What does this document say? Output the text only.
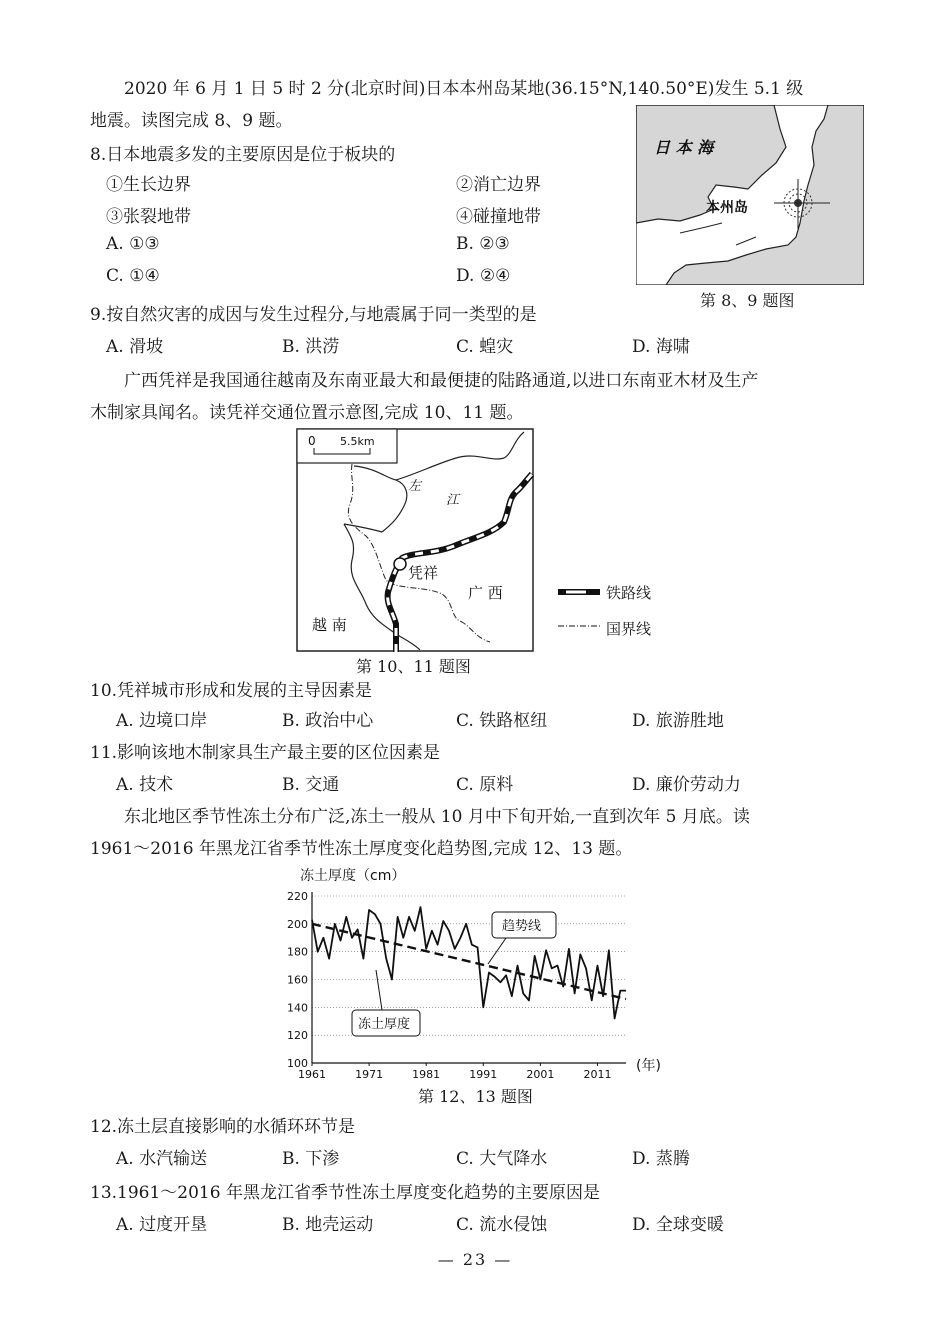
2020 年 6 月 1 日 5 时 2 分(北京时间)日本本州岛某地(36.15°N,140.50°E)发生 5.1 级
地震。读图完成 8、9 题。
8.日本地震多发的主要原因是位于板块的
①生长边界	②消亡边界
③张裂地带	④碰撞地带
A. ①③	B. ②③
C. ①④	D. ②④
日 本 海
本州岛
第 8、9 题图
9.按自然灾害的成因与发生过程分,与地震属于同一类型的是
A. 滑坡	B. 洪涝	C. 蝗灾	D. 海啸
广西凭祥是我国通往越南及东南亚最大和最便捷的陆路通道,以进口东南亚木材及生产
木制家具闻名。读凭祥交通位置示意图,完成 10、11 题。
0 5.5km
凭祥
左
江
广 西
越 南
铁路线
国界线
第 10、11 题图
10.凭祥城市形成和发展的主导因素是
A. 边境口岸	B. 政治中心	C. 铁路枢纽	D. 旅游胜地
11.影响该地木制家具生产最主要的区位因素是
A. 技术	B. 交通	C. 原料	D. 廉价劳动力
东北地区季节性冻土分布广泛,冻土一般从 10 月中下旬开始,一直到次年 5 月底。读
1961～2016 年黑龙江省季节性冻土厚度变化趋势图,完成 12、13 题。
冻土厚度（cm）
100
120
140
160
180
200
220
1961	1971	1981	1991	2001	2011
(年)
趋势线
冻土厚度
第 12、13 题图
12.冻土层直接影响的水循环环节是
A. 水汽输送	B. 下渗	C. 大气降水	D. 蒸腾
13.1961～2016 年黑龙江省季节性冻土厚度变化趋势的主要原因是
A. 过度开垦	B. 地壳运动	C. 流水侵蚀	D. 全球变暖
— 23 —
